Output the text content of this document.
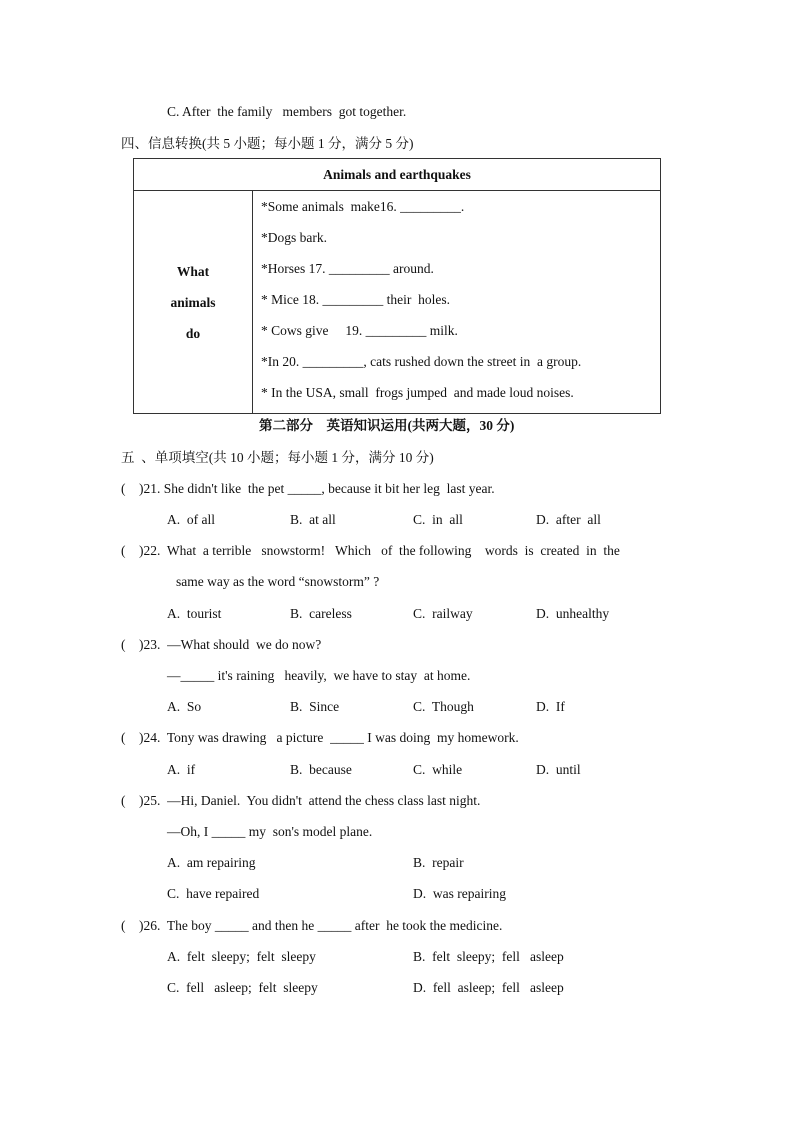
C. After  the family   members  got together.
四、信息转换(共 5 小题；每小题 1 分，满分 5 分)
Animals and earthquakes

What
animals
do

*Some animals  make16. _________.
*Dogs bark.
*Horses 17. _________ around.
* Mice 18. _________ their  holes.
* Cows give     19. _________ milk.
*In 20. _________, cats rushed down the street in  a group.
* In the USA, small  frogs jumped  and made loud noises.
第二部分    英语知识运用(共两大题，30 分)
五  、单项填空(共 10 小题；每小题 1 分，满分 10 分)
(    )21. She didn't like  the pet _____, because it bit her leg  last year.
A.  of all	B.  at all	C.  in  all	D.  after  all
(    )22.  What  a terrible   snowstorm!   Which   of  the following    words  is  created  in  the
same way as the word “snowstorm” ?
A.  tourist	B.  careless	C.  railway	D.  unhealthy
(    )23.  —What should  we do now?
—_____ it's raining   heavily,  we have to stay  at home.
A.  So	B.  Since	C.  Though	D.  If
(    )24.  Tony was drawing   a picture  _____ I was doing  my homework.
A.  if	B.  because	C.  while	D.  until
(    )25.  —Hi, Daniel.  You didn't  attend the chess class last night.
—Oh, I _____ my  son's model plane.
A.  am repairing	B.  repair
C.  have repaired	D.  was repairing
(    )26.  The boy _____ and then he _____ after  he took the medicine.
A.  felt  sleepy;  felt  sleepy	B.  felt  sleepy;  fell   asleep
C.  fell   asleep;  felt  sleepy	D.  fell  asleep;  fell   asleep
